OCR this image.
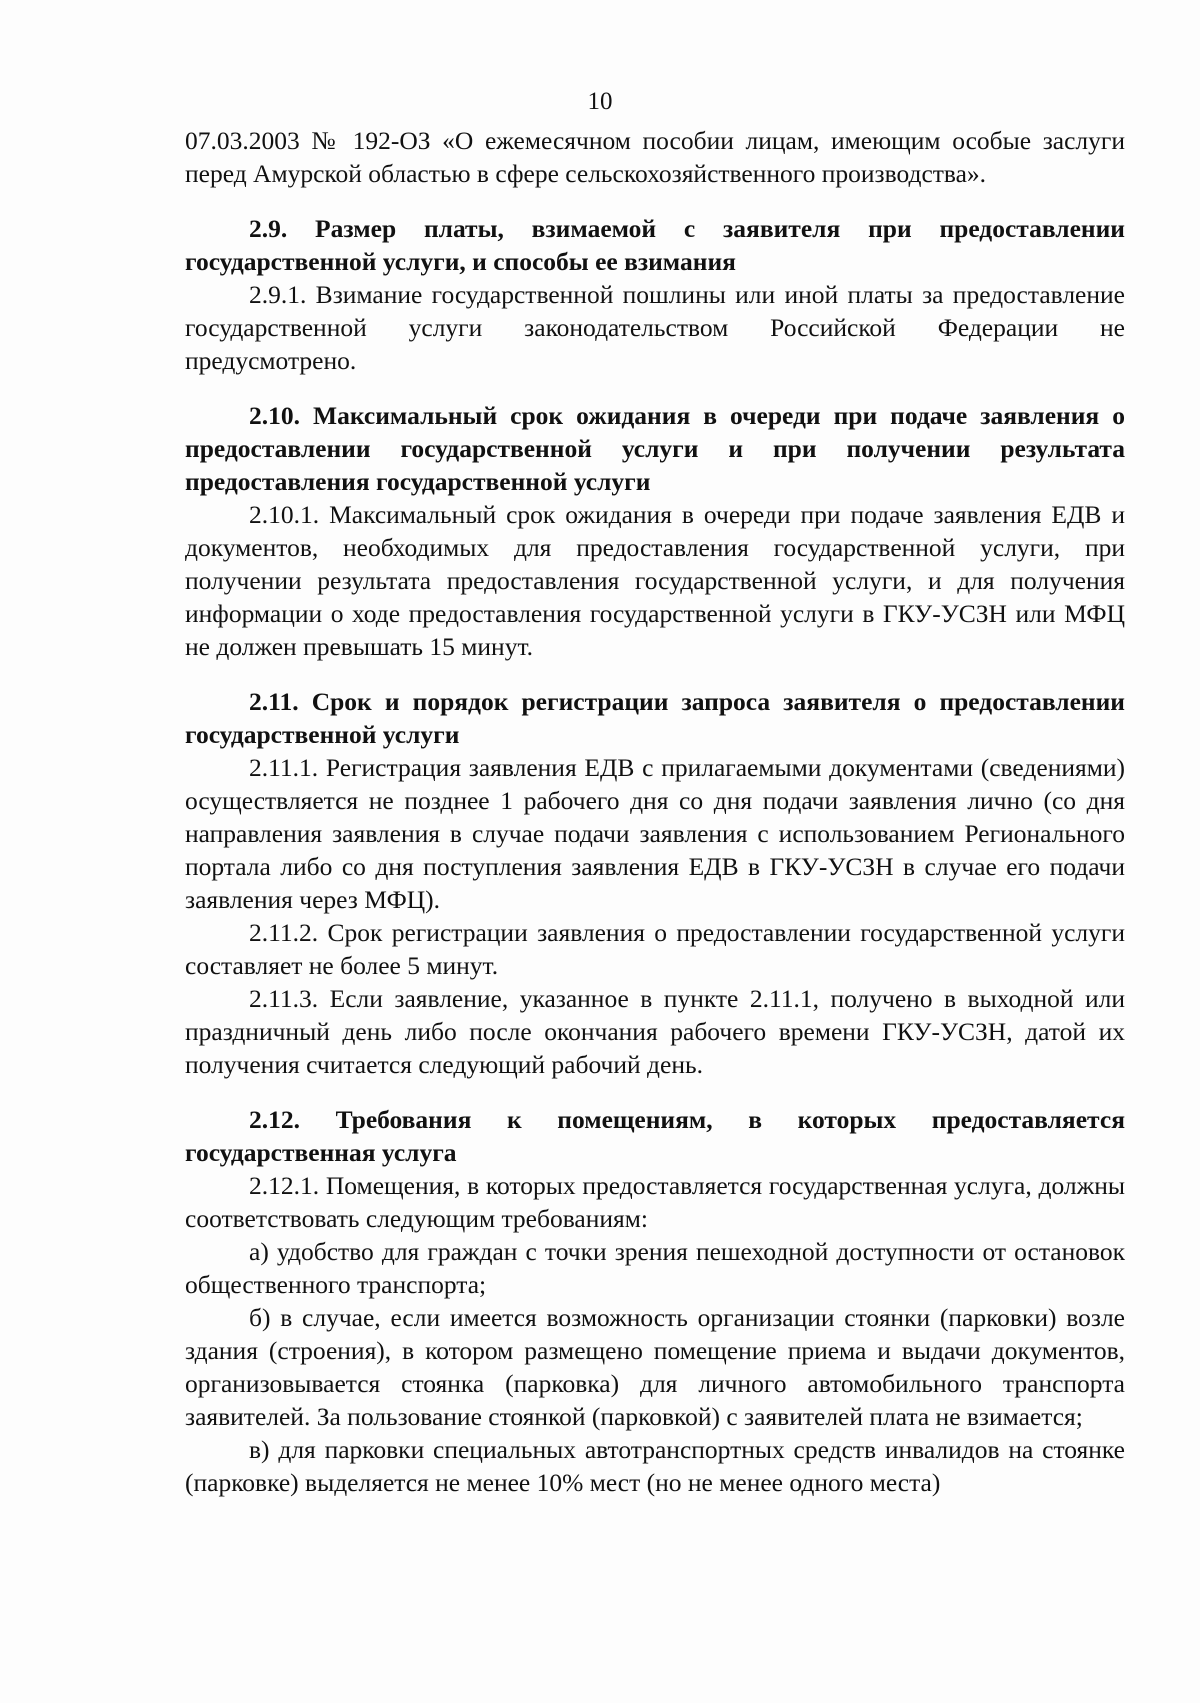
10

07.03.2003 № 192-ОЗ «О ежемесячном пособии лицам, имеющим особые заслуги перед Амурской областью в сфере сельскохозяйственного производства».

2.9. Размер платы, взимаемой с заявителя при предоставлении государственной услуги, и способы ее взимания

2.9.1. Взимание государственной пошлины или иной платы за предоставление государственной услуги законодательством Российской Федерации не предусмотрено.

2.10. Максимальный срок ожидания в очереди при подаче заявления о предоставлении государственной услуги и при получении результата предоставления государственной услуги

2.10.1. Максимальный срок ожидания в очереди при подаче заявления ЕДВ и документов, необходимых для предоставления государственной услуги, при получении результата предоставления государственной услуги, и для получения информации о ходе предоставления государственной услуги в ГКУ-УСЗН или МФЦ не должен превышать 15 минут.

2.11. Срок и порядок регистрации запроса заявителя о предоставлении государственной услуги

2.11.1. Регистрация заявления ЕДВ с прилагаемыми документами (сведениями) осуществляется не позднее 1 рабочего дня со дня подачи заявления лично (со дня направления заявления в случае подачи заявления с использованием Регионального портала либо со дня поступления заявления ЕДВ в ГКУ-УСЗН в случае его подачи заявления через МФЦ).

2.11.2. Срок регистрации заявления о предоставлении государственной услуги составляет не более 5 минут.

2.11.3. Если заявление, указанное в пункте 2.11.1, получено в выходной или праздничный день либо после окончания рабочего времени ГКУ-УСЗН, датой их получения считается следующий рабочий день.

2.12. Требования к помещениям, в которых предоставляется государственная услуга

2.12.1. Помещения, в которых предоставляется государственная услуга, должны соответствовать следующим требованиям:

а) удобство для граждан с точки зрения пешеходной доступности от остановок общественного транспорта;

б) в случае, если имеется возможность организации стоянки (парковки) возле здания (строения), в котором размещено помещение приема и выдачи документов, организовывается стоянка (парковка) для личного автомобильного транспорта заявителей. За пользование стоянкой (парковкой) с заявителей плата не взимается;

в) для парковки специальных автотранспортных средств инвалидов на стоянке (парковке) выделяется не менее 10% мест (но не менее одного места)
